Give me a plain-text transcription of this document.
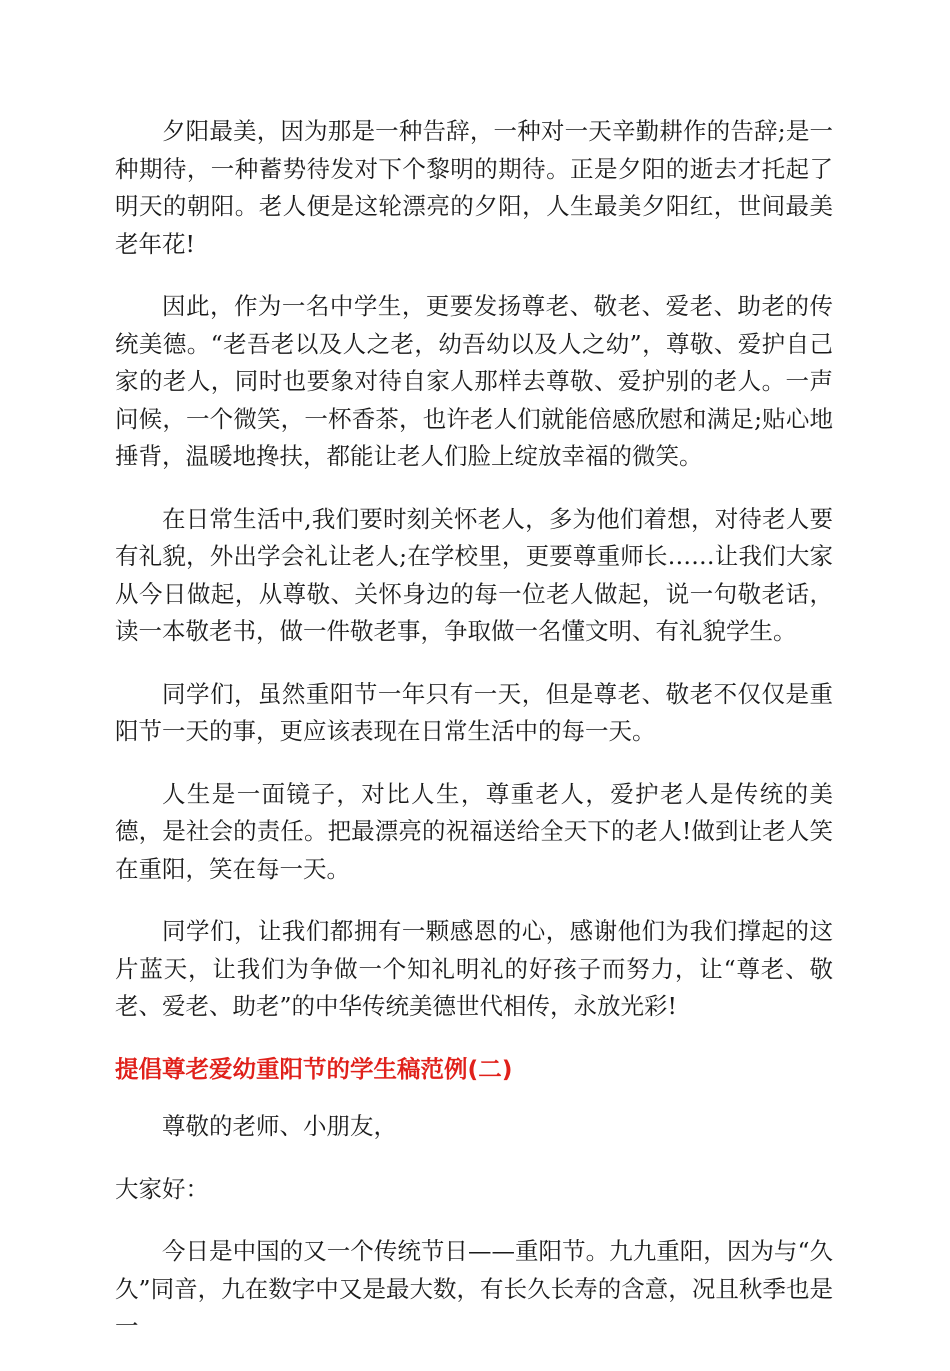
夕阳最美，因为那是一种告辞，一种对一天辛勤耕作的告辞;是一种期待，一种蓄势待发对下个黎明的期待。正是夕阳的逝去才托起了明天的朝阳。老人便是这轮漂亮的夕阳，人生最美夕阳红，世间最美老年花!

因此，作为一名中学生，更要发扬尊老、敬老、爱老、助老的传统美德。“老吾老以及人之老，幼吾幼以及人之幼”，尊敬、爱护自己家的老人，同时也要象对待自家人那样去尊敬、爱护别的老人。一声问候，一个微笑，一杯香茶，也许老人们就能倍感欣慰和满足;贴心地捶背，温暖地搀扶，都能让老人们脸上绽放幸福的微笑。

在日常生活中,我们要时刻关怀老人，多为他们着想，对待老人要有礼貌，外出学会礼让老人;在学校里，更要尊重师长……让我们大家从今日做起，从尊敬、关怀身边的每一位老人做起，说一句敬老话，读一本敬老书，做一件敬老事，争取做一名懂文明、有礼貌学生。

同学们，虽然重阳节一年只有一天，但是尊老、敬老不仅仅是重阳节一天的事，更应该表现在日常生活中的每一天。

人生是一面镜子，对比人生，尊重老人，爱护老人是传统的美德，是社会的责任。把最漂亮的祝福送给全天下的老人!做到让老人笑在重阳，笑在每一天。

同学们，让我们都拥有一颗感恩的心，感谢他们为我们撑起的这片蓝天，让我们为争做一个知礼明礼的好孩子而努力，让“尊老、敬老、爱老、助老”的中华传统美德世代相传，永放光彩!

提倡尊老爱幼重阳节的学生稿范例(二)

尊敬的老师、小朋友，

大家好：

今日是中国的又一个传统节日——重阳节。九九重阳，因为与“久久”同音，九在数字中又是最大数，有长久长寿的含意，况且秋季也是一
